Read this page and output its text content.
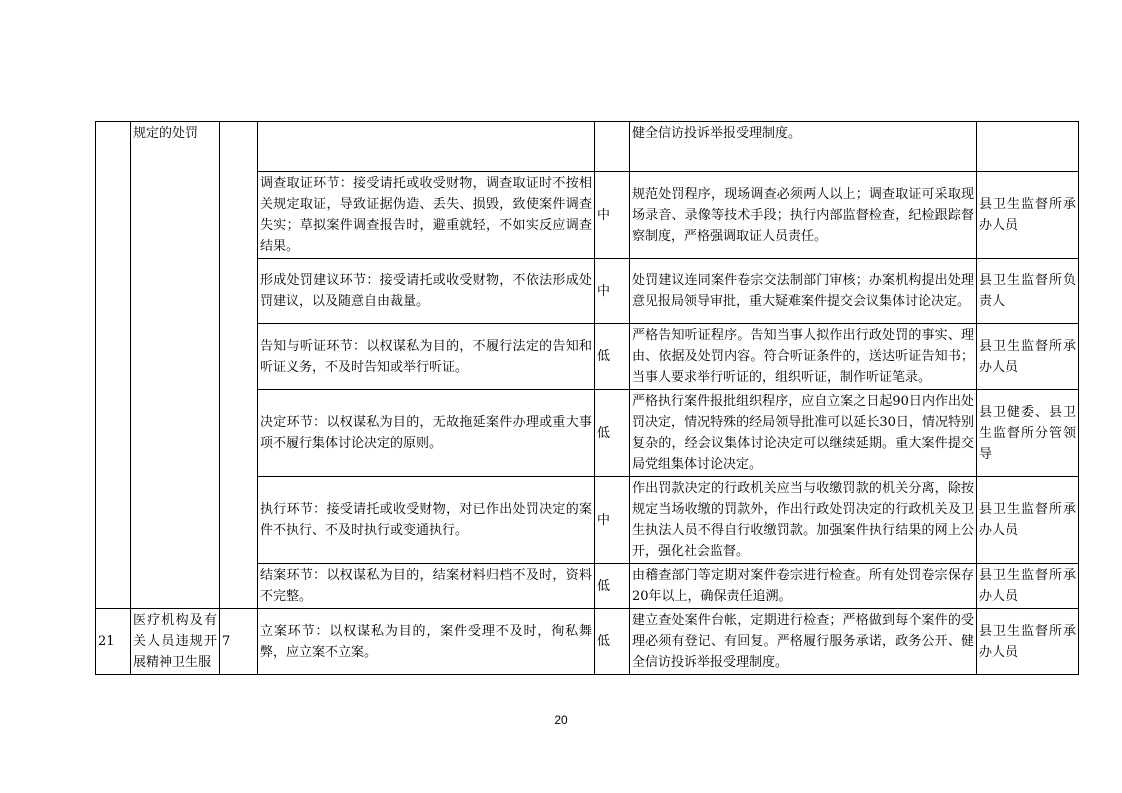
	规定的处罚				健全信访投诉举报受理制度。	
			调查取证环节：接受请托或收受财物，调查取证时不按相关规定取证，导致证据伪造、丢失、损毁，致使案件调查失实；草拟案件调查报告时，避重就轻，不如实反应调查结果。	中	规范处罚程序，现场调查必须两人以上；调查取证可采取现场录音、录像等技术手段；执行内部监督检查，纪检跟踪督察制度，严格强调取证人员责任。	县卫生监督所承办人员
			形成处罚建议环节：接受请托或收受财物，不依法形成处罚建议，以及随意自由裁量。	中	处罚建议连同案件卷宗交法制部门审核；办案机构提出处理意见报局领导审批，重大疑难案件提交会议集体讨论决定。	县卫生监督所负责人
			告知与听证环节：以权谋私为目的，不履行法定的告知和听证义务，不及时告知或举行听证。	低	严格告知听证程序。告知当事人拟作出行政处罚的事实、理由、依据及处罚内容。符合听证条件的，送达听证告知书；当事人要求举行听证的，组织听证，制作听证笔录。	县卫生监督所承办人员
			决定环节：以权谋私为目的，无故拖延案件办理或重大事项不履行集体讨论决定的原则。	低	严格执行案件报批组织程序，应自立案之日起90日内作出处罚决定，情况特殊的经局领导批准可以延长30日，情况特别复杂的，经会议集体讨论决定可以继续延期。重大案件提交局党组集体讨论决定。	县卫健委、县卫生监督所分管领导
			执行环节：接受请托或收受财物，对已作出处罚决定的案件不执行、不及时执行或变通执行。	中	作出罚款决定的行政机关应当与收缴罚款的机关分离，除按规定当场收缴的罚款外，作出行政处罚决定的行政机关及卫生执法人员不得自行收缴罚款。加强案件执行结果的网上公开，强化社会监督。	县卫生监督所承办人员
			结案环节：以权谋私为目的，结案材料归档不及时，资料不完整。	低	由稽查部门等定期对案件卷宗进行检查。所有处罚卷宗保存20年以上，确保责任追溯。	县卫生监督所承办人员
21	医疗机构及有关人员违规开展精神卫生服	7	立案环节：以权谋私为目的，案件受理不及时，徇私舞弊，应立案不立案。	低	建立查处案件台帐，定期进行检查；严格做到每个案件的受理必须有登记、有回复。严格履行服务承诺，政务公开、健全信访投诉举报受理制度。	县卫生监督所承办人员
20
